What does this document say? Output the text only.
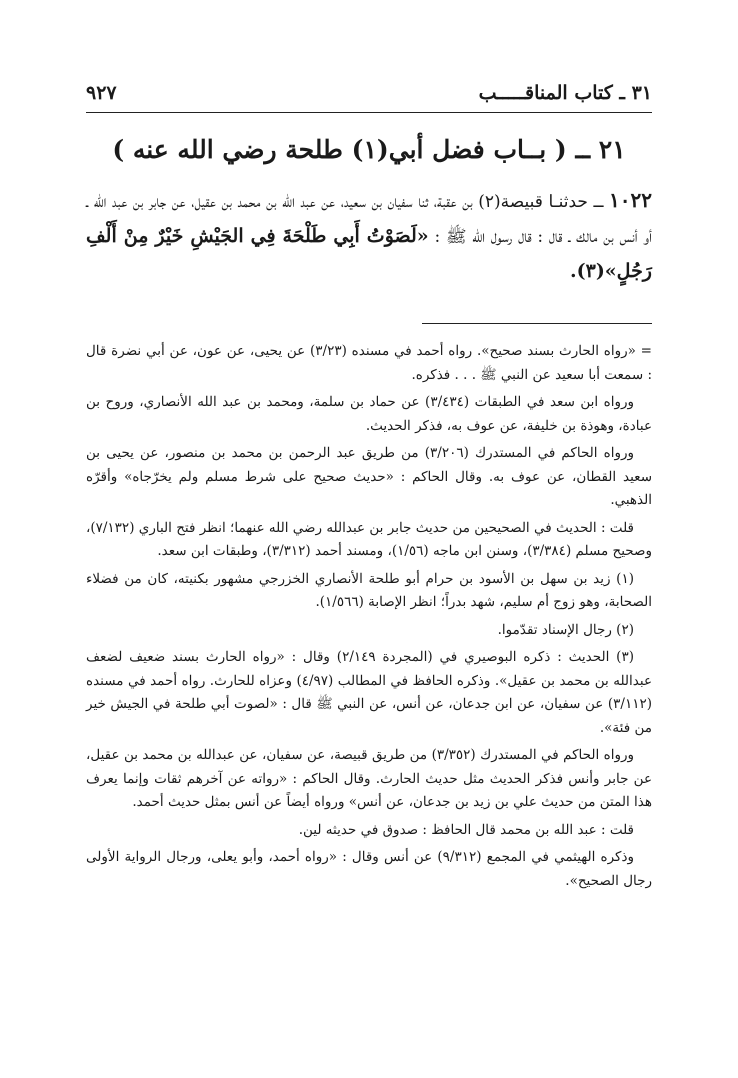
٣١ ـ كتاب المناقـــــب
٩٢٧
٢١ ــ ( بــاب فضل أبي(١) طلحة رضي الله عنه )
١٠٢٢ ــ حدثنـا قبيصة(٢) بن عقبة، ثنا سفيان بن سعيد، عن عبد الله بن محمد بن عقيل، عن جابر بن عبد الله ـ أو أنس بن مالك ـ قال : قال رسول الله ﷺ : «لَصَوْتُ أَبِي طَلْحَةَ فِي الجَيْشِ خَيْرٌ مِنْ أَلْفِ رَجُلٍ»(٣).

= «رواه الحارث بسند صحيح». رواه أحمد في مسنده (٣/٢٣) عن يحيى، عن عون، عن أبي نضرة قال : سمعت أبا سعيد عن النبي ﷺ . . . فذكره.

ورواه ابن سعد في الطبقات (٣/٤٣٤) عن حماد بن سلمة، ومحمد بن عبد الله الأنصاري، وروح بن عبادة، وهوذة بن خليفة، عن عوف به، فذكر الحديث.

ورواه الحاكم في المستدرك (٣/٢٠٦) من طريق عبد الرحمن بن محمد بن منصور، عن يحيى بن سعيد القطان، عن عوف به. وقال الحاكم : «حديث صحيح على شرط مسلم ولم يخرّجاه» وأقرّه الذهبي.

قلت : الحديث في الصحيحين من حديث جابر بن عبدالله رضي الله عنهما؛ انظر فتح الباري (٧/١٣٢)، وصحيح مسلم (٣/٣٨٤)، وسنن ابن ماجه (١/٥٦)، ومسند أحمد (٣/٣١٢)، وطبقات ابن سعد.

(١) زيد بن سهل بن الأسود بن حرام أبو طلحة الأنصاري الخزرجي مشهور بكنيته، كان من فضلاء الصحابة، وهو زوج أم سليم، شهد بدراً؛ انظر الإصابة (١/٥٦٦).

(٢) رجال الإسناد تقدّموا.

(٣) الحديث : ذكره البوصيري في (المجردة ٢/١٤٩) وقال : «رواه الحارث بسند ضعيف لضعف عبدالله بن محمد بن عقيل». وذكره الحافظ في المطالب (٤/٩٧) وعزاه للحارث. رواه أحمد في مسنده (٣/١١٢) عن سفيان، عن ابن جدعان، عن أنس، عن النبي ﷺ قال : «لصوت أبي طلحة في الجيش خير من فئة».

ورواه الحاكم في المستدرك (٣/٣٥٢) من طريق قبيصة، عن سفيان، عن عبدالله بن محمد بن عقيل، عن جابر وأنس فذكر الحديث مثل حديث الحارث. وقال الحاكم : «رواته عن آخرهم ثقات وإنما يعرف هذا المتن من حديث علي بن زيد بن جدعان، عن أنس» ورواه أيضاً عن أنس بمثل حديث أحمد.

قلت : عبد الله بن محمد قال الحافظ : صدوق في حديثه لين.

وذكره الهيثمي في المجمع (٩/٣١٢) عن أنس وقال : «رواه أحمد، وأبو يعلى، ورجال الرواية الأولى رجال الصحيح».
